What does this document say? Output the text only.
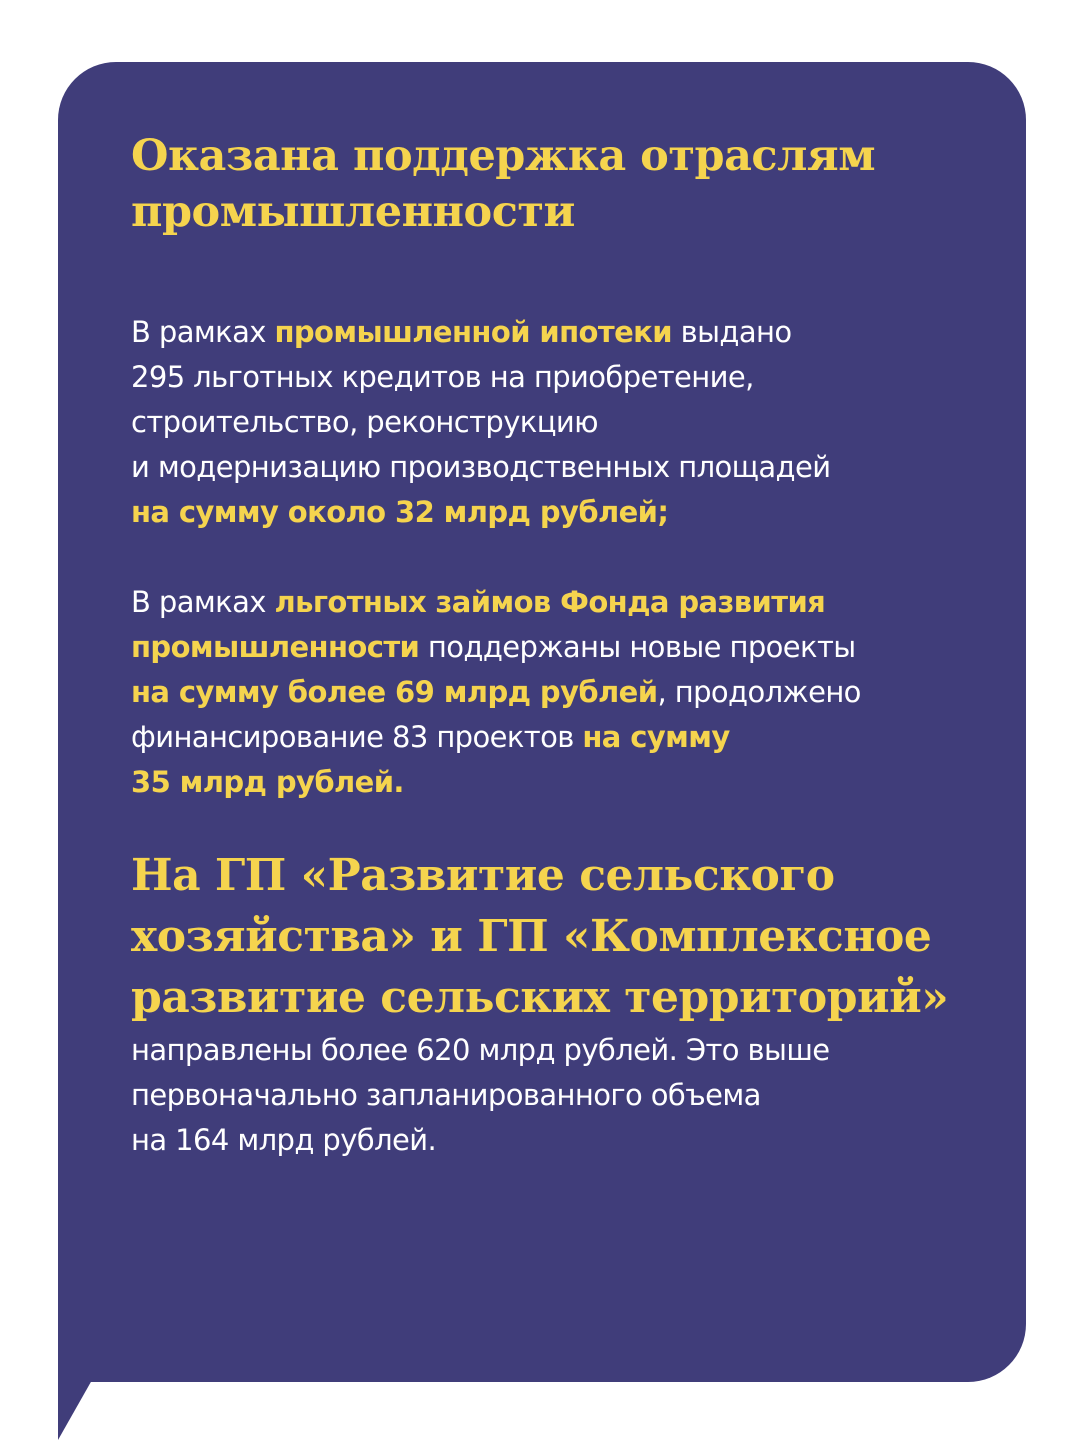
Оказана поддержка отраслям

промышленности

В рамках промышленной ипотеки выдано

295 льготных кредитов на приобретение,

строительство, реконструкцию

и модернизацию производственных площадей

на сумму около 32 млрд рублей;

В рамках льготных займов Фонда развития

промышленности поддержаны новые проекты

на сумму более 69 млрд рублей, продолжено

финансирование 83 проектов на сумму

35 млрд рублей.

На ГП «Развитие сельского

хозяйства» и ГП «Комплексное

развитие сельских территорий»

направлены более 620 млрд рублей. Это выше

первоначально запланированного объема

на 164 млрд рублей.
